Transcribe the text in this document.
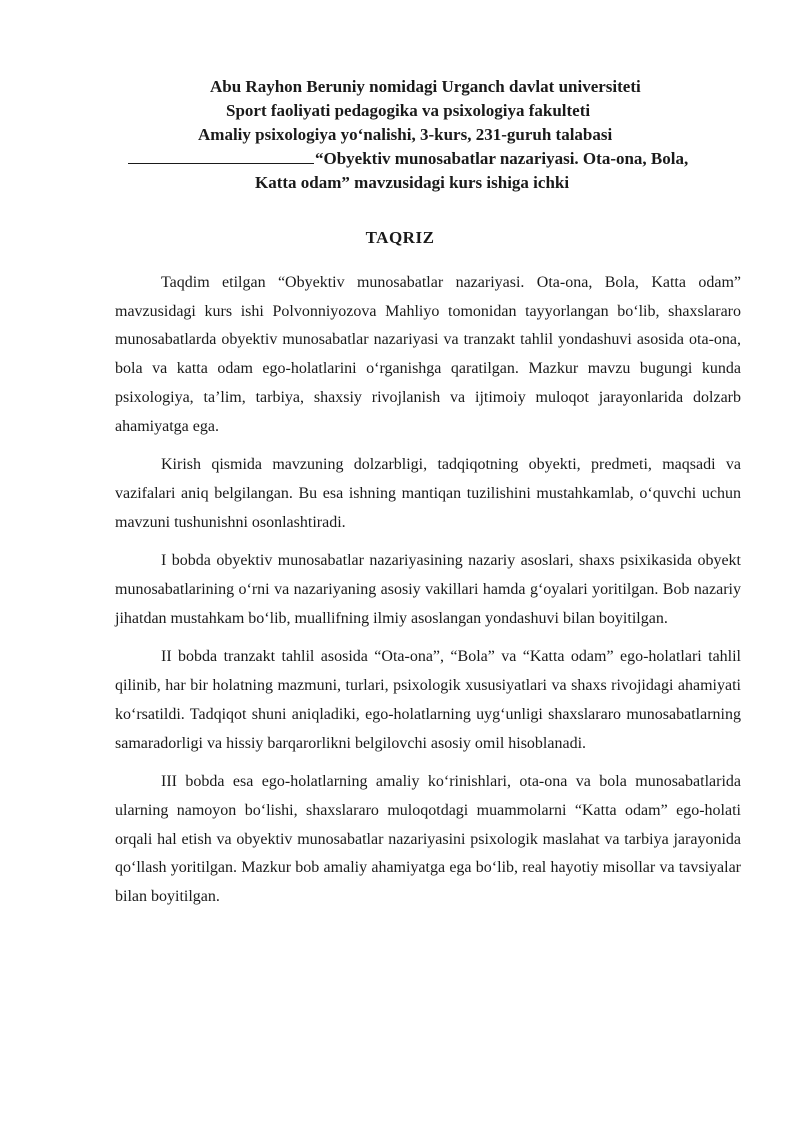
Abu Rayhon Beruniy nomidagi Urganch davlat universiteti
Sport faoliyati pedagogika va psixologiya fakulteti
Amaliy psixologiya yo‘nalishi, 3-kurs, 231-guruh talabasi
“Obyektiv munosabatlar nazariyasi. Ota-ona, Bola,
Katta odam” mavzusidagi kurs ishiga ichki
TAQRIZ

Taqdim etilgan “Obyektiv munosabatlar nazariyasi. Ota-ona, Bola, Katta odam” mavzusidagi kurs ishi Polvonniyozova Mahliyo tomonidan tayyorlangan bo‘lib, shaxslararo munosabatlarda obyektiv munosabatlar nazariyasi va tranzakt tahlil yondashuvi asosida ota-ona, bola va katta odam ego-holatlarini o‘rganishga qaratilgan. Mazkur mavzu bugungi kunda psixologiya, ta’lim, tarbiya, shaxsiy rivojlanish va ijtimoiy muloqot jarayonlarida dolzarb ahamiyatga ega.

Kirish qismida mavzuning dolzarbligi, tadqiqotning obyekti, predmeti, maqsadi va vazifalari aniq belgilangan. Bu esa ishning mantiqan tuzilishini mustahkamlab, o‘quvchi uchun mavzuni tushunishni osonlashtiradi.

I bobda obyektiv munosabatlar nazariyasining nazariy asoslari, shaxs psixikasida obyekt munosabatlarining o‘rni va nazariyaning asosiy vakillari hamda g‘oyalari yoritilgan. Bob nazariy jihatdan mustahkam bo‘lib, muallifning ilmiy asoslangan yondashuvi bilan boyitilgan.

II bobda tranzakt tahlil asosida “Ota-ona”, “Bola” va “Katta odam” ego-holatlari tahlil qilinib, har bir holatning mazmuni, turlari, psixologik xususiyatlari va shaxs rivojidagi ahamiyati ko‘rsatildi. Tadqiqot shuni aniqladiki, ego-holatlarning uyg‘unligi shaxslararo munosabatlarning samaradorligi va hissiy barqarorlikni belgilovchi asosiy omil hisoblanadi.

III bobda esa ego-holatlarning amaliy ko‘rinishlari, ota-ona va bola munosabatlarida ularning namoyon bo‘lishi, shaxslararo muloqotdagi muammolarni “Katta odam” ego-holati orqali hal etish va obyektiv munosabatlar nazariyasini psixologik maslahat va tarbiya jarayonida qo‘llash yoritilgan. Mazkur bob amaliy ahamiyatga ega bo‘lib, real hayotiy misollar va tavsiyalar bilan boyitilgan.
